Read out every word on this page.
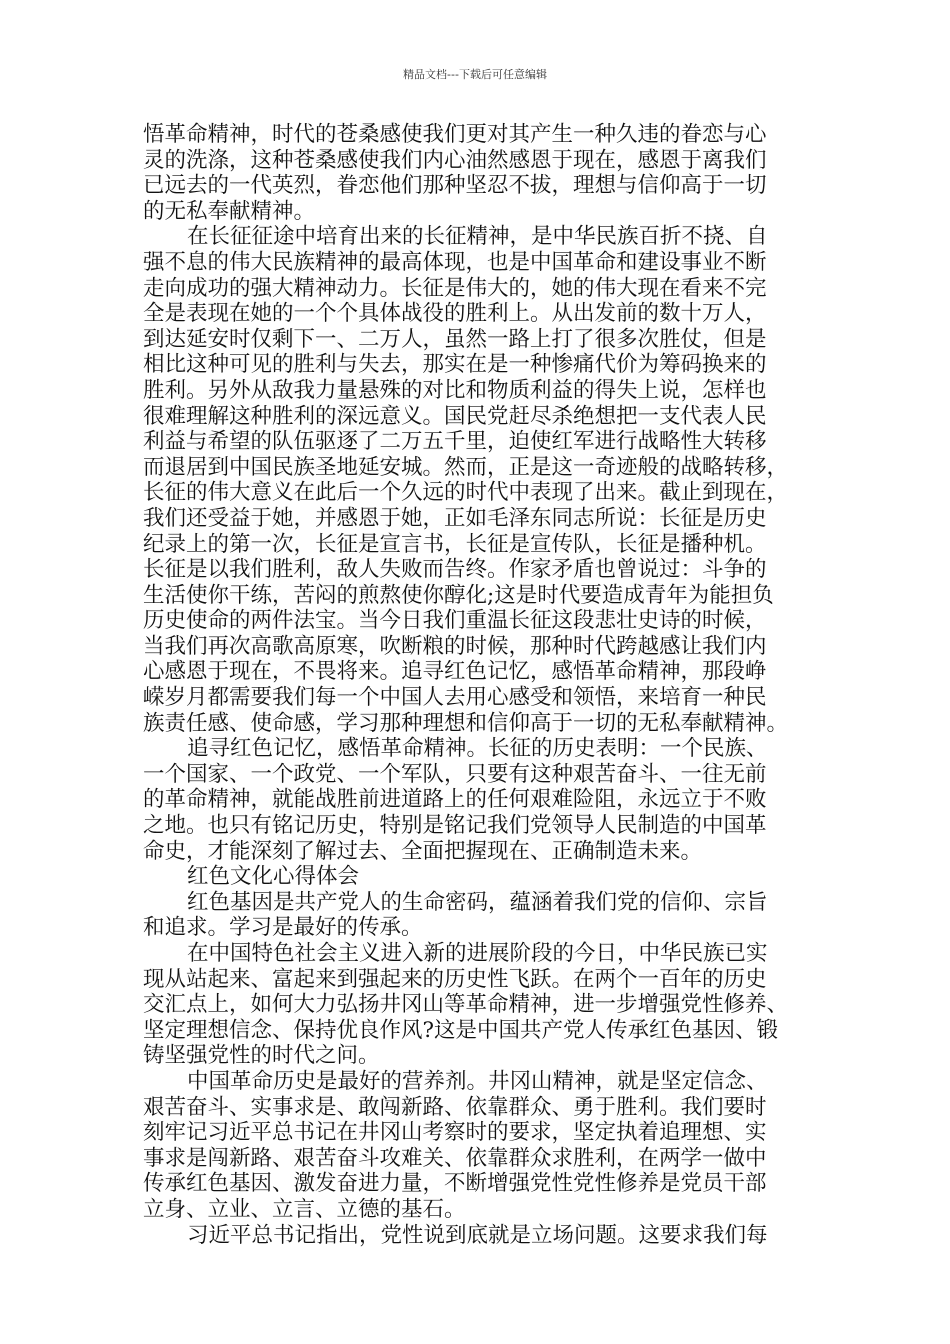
精品文档---下载后可任意编辑
悟革命精神，时代的苍桑感使我们更对其产生一种久违的眷恋与心
灵的洗涤，这种苍桑感使我们内心油然感恩于现在，感恩于离我们
已远去的一代英烈，眷恋他们那种坚忍不拔，理想与信仰高于一切
的无私奉献精神。
在长征征途中培育出来的长征精神，是中华民族百折不挠、自
强不息的伟大民族精神的最高体现，也是中国革命和建设事业不断
走向成功的强大精神动力。长征是伟大的，她的伟大现在看来不完
全是表现在她的一个个具体战役的胜利上。从出发前的数十万人，
到达延安时仅剩下一、二万人，虽然一路上打了很多次胜仗，但是
相比这种可见的胜利与失去，那实在是一种惨痛代价为筹码换来的
胜利。另外从敌我力量悬殊的对比和物质利益的得失上说，怎样也
很难理解这种胜利的深远意义。国民党赶尽杀绝想把一支代表人民
利益与希望的队伍驱逐了二万五千里，迫使红军进行战略性大转移
而退居到中国民族圣地延安城。然而，正是这一奇迹般的战略转移，
长征的伟大意义在此后一个久远的时代中表现了出来。截止到现在，
我们还受益于她，并感恩于她，正如毛泽东同志所说：长征是历史
纪录上的第一次，长征是宣言书，长征是宣传队，长征是播种机。
长征是以我们胜利，敌人失败而告终。作家矛盾也曾说过：斗争的
生活使你干练，苦闷的煎熬使你醇化;这是时代要造成青年为能担负
历史使命的两件法宝。当今日我们重温长征这段悲壮史诗的时候，
当我们再次高歌高原寒，吹断粮的时候，那种时代跨越感让我们内
心感恩于现在，不畏将来。追寻红色记忆，感悟革命精神，那段峥
嵘岁月都需要我们每一个中国人去用心感受和领悟，来培育一种民
族责任感、使命感，学习那种理想和信仰高于一切的无私奉献精神。
追寻红色记忆，感悟革命精神。长征的历史表明：一个民族、
一个国家、一个政党、一个军队，只要有这种艰苦奋斗、一往无前
的革命精神，就能战胜前进道路上的任何艰难险阻，永远立于不败
之地。也只有铭记历史，特别是铭记我们党领导人民制造的中国革
命史，才能深刻了解过去、全面把握现在、正确制造未来。
红色文化心得体会
红色基因是共产党人的生命密码，蕴涵着我们党的信仰、宗旨
和追求。学习是最好的传承。
在中国特色社会主义进入新的进展阶段的今日，中华民族已实
现从站起来、富起来到强起来的历史性飞跃。在两个一百年的历史
交汇点上，如何大力弘扬井冈山等革命精神，进一步增强党性修养、
坚定理想信念、保持优良作风?这是中国共产党人传承红色基因、锻
铸坚强党性的时代之问。
中国革命历史是最好的营养剂。井冈山精神，就是坚定信念、
艰苦奋斗、实事求是、敢闯新路、依靠群众、勇于胜利。我们要时
刻牢记习近平总书记在井冈山考察时的要求，坚定执着追理想、实
事求是闯新路、艰苦奋斗攻难关、依靠群众求胜利，在两学一做中
传承红色基因、激发奋进力量，不断增强党性党性修养是党员干部
立身、立业、立言、立德的基石。
习近平总书记指出，党性说到底就是立场问题。这要求我们每
